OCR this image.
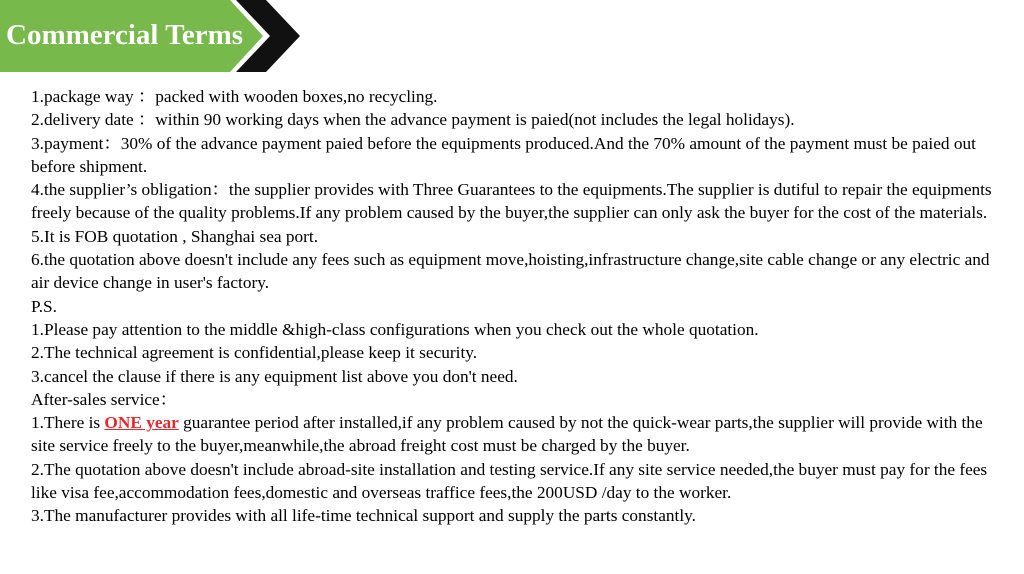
Commercial Terms

1.package way ：packed with wooden boxes,no recycling.

2.delivery date ：within 90 working days when the advance payment is paied(not includes the legal holidays).

3.payment：30% of the advance payment paied before the equipments produced.And the 70% amount of the payment must be paied out before shipment.

4.the supplier’s obligation：the supplier provides with Three Guarantees to the equipments.The supplier is dutiful to repair the equipments freely because of the quality problems.If any problem caused by the buyer,the supplier can only ask the buyer for the cost of the materials.

5.It is FOB quotation , Shanghai sea port.

6.the quotation above doesn't include any fees such as equipment move,hoisting,infrastructure change,site cable change or any electric and air device change in user's factory.

P.S.

1.Please pay attention to the middle &high-class configurations when you check out the whole quotation.

2.The technical agreement is confidential,please keep it security.

3.cancel the clause if there is any equipment list above you don't need.

After-sales service：

1.There is ONE year guarantee period after installed,if any problem caused by not the quick-wear parts,the supplier will provide with the site service freely to the buyer,meanwhile,the abroad freight cost must be charged by the buyer.

2.The quotation above doesn't include abroad-site installation and testing service.If any site service needed,the buyer must pay for the fees like visa fee,accommodation fees,domestic and overseas traffice fees,the 200USD /day to the worker.

3.The manufacturer provides with all life-time technical support and supply the parts constantly.
